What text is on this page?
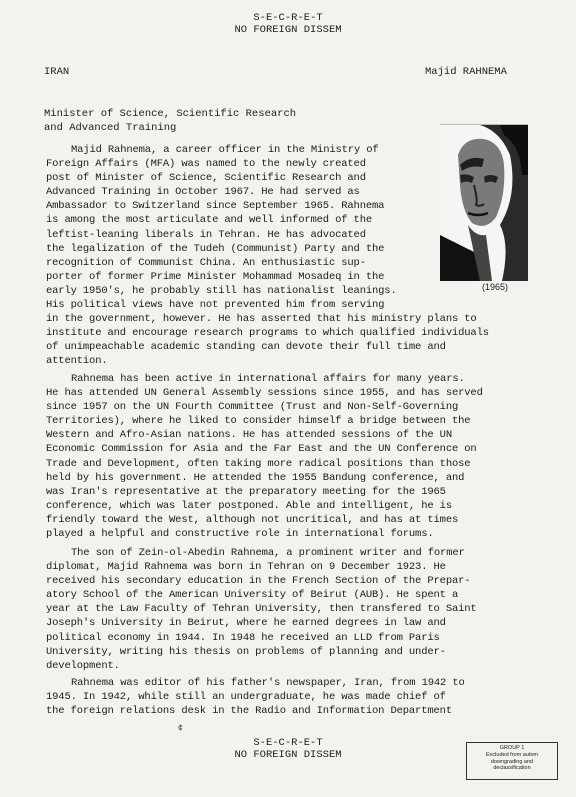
S-E-C-R-E-T
NO FOREIGN DISSEM
IRAN	Majid RAHNEMA
Minister of Science, Scientific Research
and Advanced Training
(1965)
Majid Rahnema, a career officer in the Ministry of
Foreign Affairs (MFA) was named to the newly created
post of Minister of Science, Scientific Research and
Advanced Training in October 1967. He had served as
Ambassador to Switzerland since September 1965. Rahnema
is among the most articulate and well informed of the
leftist-leaning liberals in Tehran. He has advocated
the legalization of the Tudeh (Communist) Party and the
recognition of Communist China. An enthusiastic sup-
porter of former Prime Minister Mohammad Mosadeq in the
early 1950's, he probably still has nationalist leanings.
His political views have not prevented him from serving
in the government, however. He has asserted that his ministry plans to
institute and encourage research programs to which qualified individuals
of unimpeachable academic standing can devote their full time and
attention.
Rahnema has been active in international affairs for many years.
He has attended UN General Assembly sessions since 1955, and has served
since 1957 on the UN Fourth Committee (Trust and Non-Self-Governing
Territories), where he liked to consider himself a bridge between the
Western and Afro-Asian nations. He has attended sessions of the UN
Economic Commission for Asia and the Far East and the UN Conference on
Trade and Development, often taking more radical positions than those
held by his government. He attended the 1955 Bandung conference, and
was Iran's representative at the preparatory meeting for the 1965
conference, which was later postponed. Able and intelligent, he is
friendly toward the West, although not uncritical, and has at times
played a helpful and constructive role in international forums.
The son of Zein-ol-Abedin Rahnema, a prominent writer and former
diplomat, Majid Rahnema was born in Tehran on 9 December 1923. He
received his secondary education in the French Section of the Prepar-
atory School of the American University of Beirut (AUB). He spent a
year at the Law Faculty of Tehran University, then transfered to Saint
Joseph's University in Beirut, where he earned degrees in law and
political economy in 1944. In 1948 he received an LLD from Paris
University, writing his thesis on problems of planning and under-
development.
Rahnema was editor of his father's newspaper, Iran, from 1942 to
1945. In 1942, while still an undergraduate, he was made chief of
the foreign relations desk in the Radio and Information Department
¢
S-E-C-R-E-T
NO FOREIGN DISSEM
GROUP 1
Excluded from autom
downgrading and
declassification
